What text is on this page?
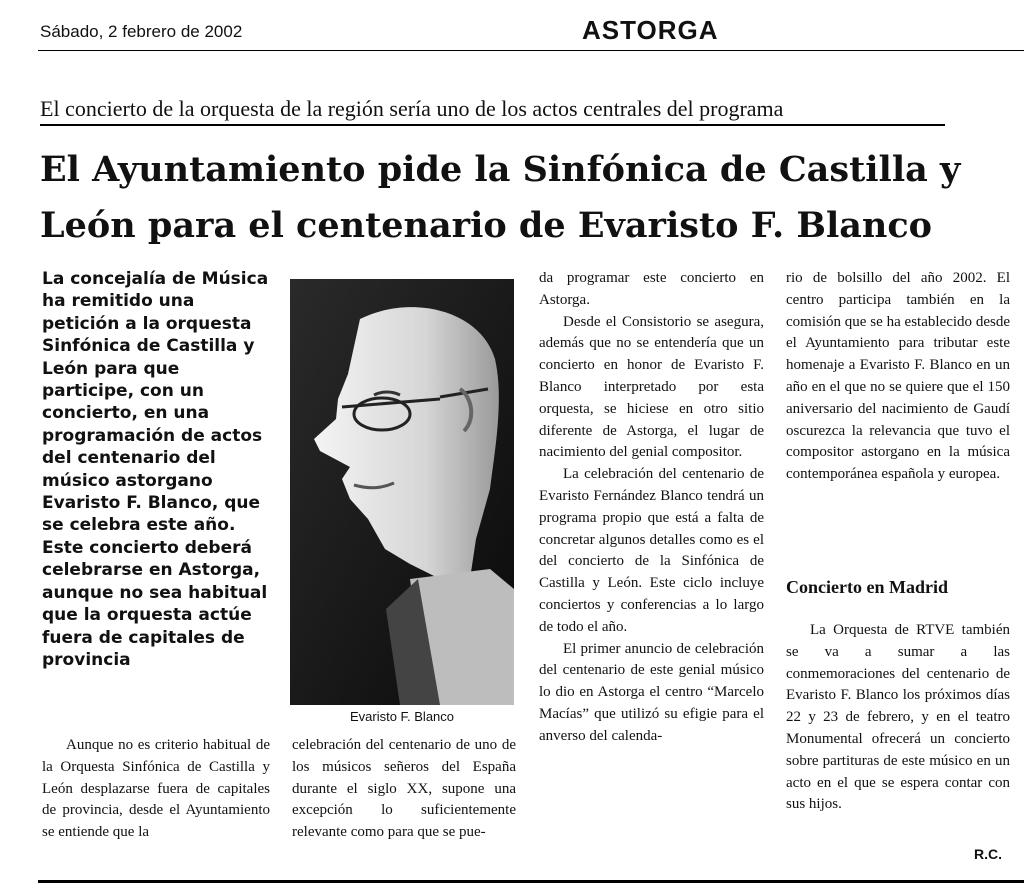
Sábado, 2 febrero de 2002	ASTORGA
El concierto de la orquesta de la región sería uno de los actos centrales del programa
El Ayuntamiento pide la Sinfónica de Castilla y León para el centenario de Evaristo F. Blanco

La concejalía de Música ha remitido una petición a la orquesta Sinfónica de Castilla y León para que participe, con un concierto, en una programación de actos del centenario del músico astorgano Evaristo F. Blanco, que se celebra este año. Este concierto deberá celebrarse en Astorga, aunque no sea habitual que la orquesta actúe fuera de capitales de provincia

Evaristo F. Blanco

Aunque no es criterio habitual de la Orquesta Sinfónica de Castilla y León desplazarse fuera de capitales de provincia, desde el Ayuntamiento se entiende que la

celebración del centenario de uno de los músicos señeros del España durante el siglo XX, supone una excepción lo suficientemente relevante como para que se pue-

da programar este concierto en Astorga.

Desde el Consistorio se asegura, además que no se entendería que un concierto en honor de Evaristo F. Blanco interpretado por esta orquesta, se hiciese en otro sitio diferente de Astorga, el lugar de nacimiento del genial compositor.

La celebración del centenario de Evaristo Fernández Blanco tendrá un programa propio que está a falta de concretar algunos detalles como es el del concierto de la Sinfónica de Castilla y León. Este ciclo incluye conciertos y conferencias a lo largo de todo el año.

El primer anuncio de celebración del centenario de este genial músico lo dio en Astorga el centro “Marcelo Macías” que utilizó su efigie para el anverso del calenda-

rio de bolsillo del año 2002. El centro participa también en la comisión que se ha establecido desde el Ayuntamiento para tributar este homenaje a Evaristo F. Blanco en un año en el que no se quiere que el 150 aniversario del nacimiento de Gaudí oscurezca la relevancia que tuvo el compositor astorgano en la música contemporánea española y europea.

Concierto en Madrid

La Orquesta de RTVE también se va a sumar a las conmemoraciones del centenario de Evaristo F. Blanco los próximos días 22 y 23 de febrero, y en el teatro Monumental ofrecerá un concierto sobre partituras de este músico en un acto en el que se espera contar con sus hijos.

R.C.
